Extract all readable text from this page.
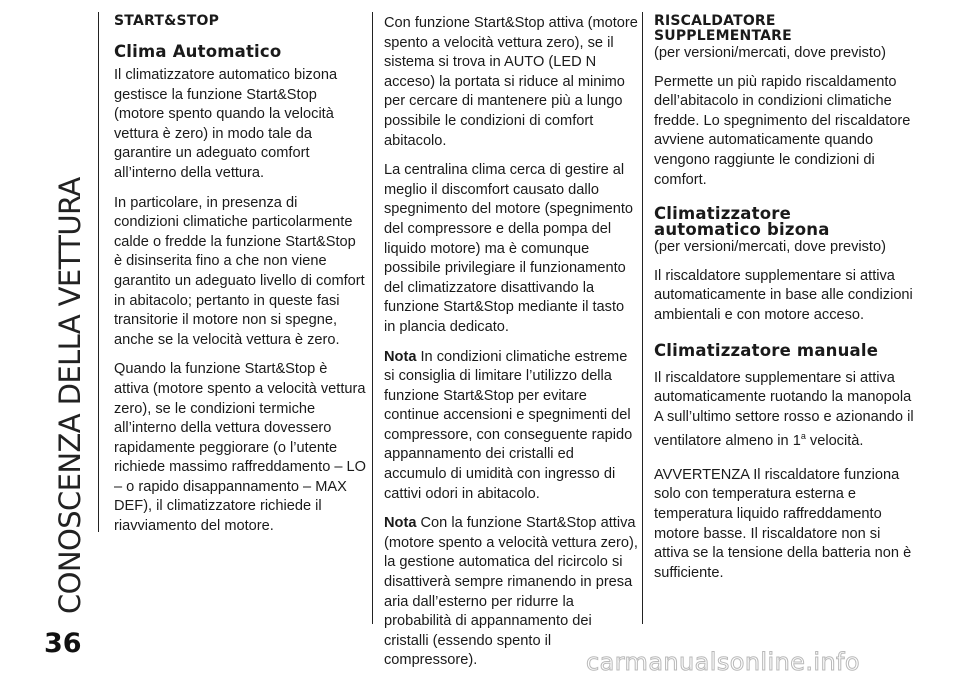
CONOSCENZA DELLA VETTURA
36
START&STOP
Clima Automatico

Il climatizzatore automatico bizona gestisce la funzione Start&Stop (motore spento quando la velocità vettura è zero) in modo tale da garantire un adeguato comfort all’interno della vettura.

In particolare, in presenza di condizioni climatiche particolarmente calde o fredde la funzione Start&Stop è disinserita fino a che non viene garantito un adeguato livello di comfort in abitacolo; pertanto in queste fasi transitorie il motore non si spegne, anche se la velocità vettura è zero.

Quando la funzione Start&Stop è attiva (motore spento a velocità vettura zero), se le condizioni termiche all’interno della vettura dovessero rapidamente peggiorare (o l’utente richiede massimo raffreddamento – LO – o rapido disappannamento – MAX DEF), il climatizzatore richiede il riavviamento del motore.

Con funzione Start&Stop attiva (motore spento a velocità vettura zero), se il sistema si trova in AUTO (LED N acceso) la portata si riduce al minimo per cercare di mantenere più a lungo possibile le condizioni di comfort abitacolo.

La centralina clima cerca di gestire al meglio il discomfort causato dallo spegnimento del motore (spegnimento del compressore e della pompa del liquido motore) ma è comunque possibile privilegiare il funzionamento del climatizzatore disattivando la funzione Start&Stop mediante il tasto in plancia dedicato.

Nota In condizioni climatiche estreme si consiglia di limitare l’utilizzo della funzione Start&Stop per evitare continue accensioni e spegnimenti del compressore, con conseguente rapido appannamento dei cristalli ed accumulo di umidità con ingresso di cattivi odori in abitacolo.

Nota Con la funzione Start&Stop attiva (motore spento a velocità vettura zero), la gestione automatica del ricircolo si disattiverà sempre rimanendo in presa aria dall’esterno per ridurre la probabilità di appannamento dei cristalli (essendo spento il compressore).

RISCALDATORE
SUPPLEMENTARE
(per versioni/mercati, dove previsto)

Permette un più rapido riscaldamento dell’abitacolo in condizioni climatiche fredde. Lo spegnimento del riscaldatore avviene automaticamente quando vengono raggiunte le condizioni di comfort.

Climatizzatore
automatico bizona
(per versioni/mercati, dove previsto)

Il riscaldatore supplementare si attiva automaticamente in base alle condizioni ambientali e con motore acceso.

Climatizzatore manuale

Il riscaldatore supplementare si attiva automaticamente ruotando la manopola A sull’ultimo settore rosso e azionando il ventilatore almeno in 1$^a$ velocità.

AVVERTENZA Il riscaldatore funziona solo con temperatura esterna e temperatura liquido raffreddamento motore basse. Il riscaldatore non si attiva se la tensione della batteria non è sufficiente.

carmanualsonline.info
